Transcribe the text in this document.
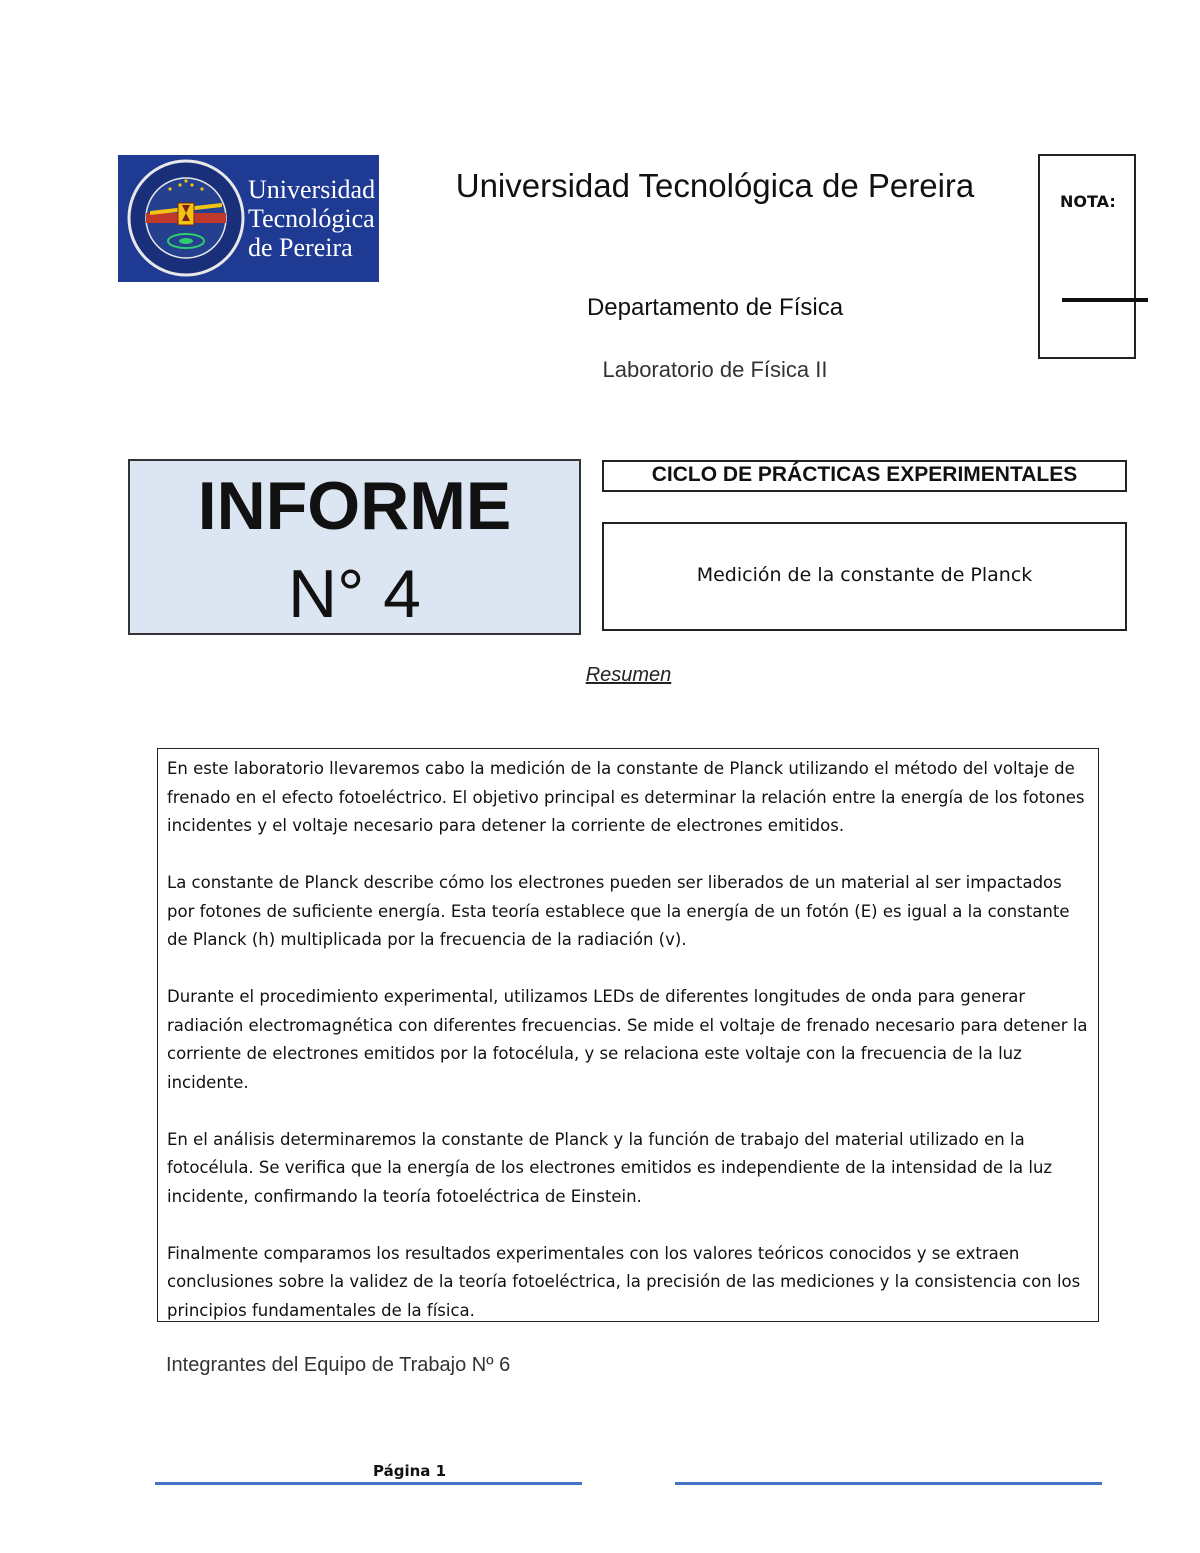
Universidad
Tecnológica
de Pereira
Universidad Tecnológica de Pereira
Departamento de Física
Laboratorio de Física II
NOTA:
INFORME
N° 4
CICLO DE PRÁCTICAS EXPERIMENTALES
Medición de la constante de Planck
Resumen

En este laboratorio llevaremos cabo la medición de la constante de Planck utilizando el método del voltaje de frenado en el efecto fotoeléctrico. El objetivo principal es determinar la relación entre la energía de los fotones incidentes y el voltaje necesario para detener la corriente de electrones emitidos.

La constante de Planck describe cómo los electrones pueden ser liberados de un material al ser impactados por fotones de suficiente energía. Esta teoría establece que la energía de un fotón (E) es igual a la constante de Planck (h) multiplicada por la frecuencia de la radiación (v).

Durante el procedimiento experimental, utilizamos LEDs de diferentes longitudes de onda para generar radiación electromagnética con diferentes frecuencias. Se mide el voltaje de frenado necesario para detener la corriente de electrones emitidos por la fotocélula, y se relaciona este voltaje con la frecuencia de la luz incidente.

En el análisis determinaremos la constante de Planck y la función de trabajo del material utilizado en la fotocélula. Se verifica que la energía de los electrones emitidos es independiente de la intensidad de la luz incidente, confirmando la teoría fotoeléctrica de Einstein.

Finalmente comparamos los resultados experimentales con los valores teóricos conocidos y se extraen conclusiones sobre la validez de la teoría fotoeléctrica, la precisión de las mediciones y la consistencia con los principios fundamentales de la física.

Integrantes del Equipo de Trabajo Nº 6
Página 1
